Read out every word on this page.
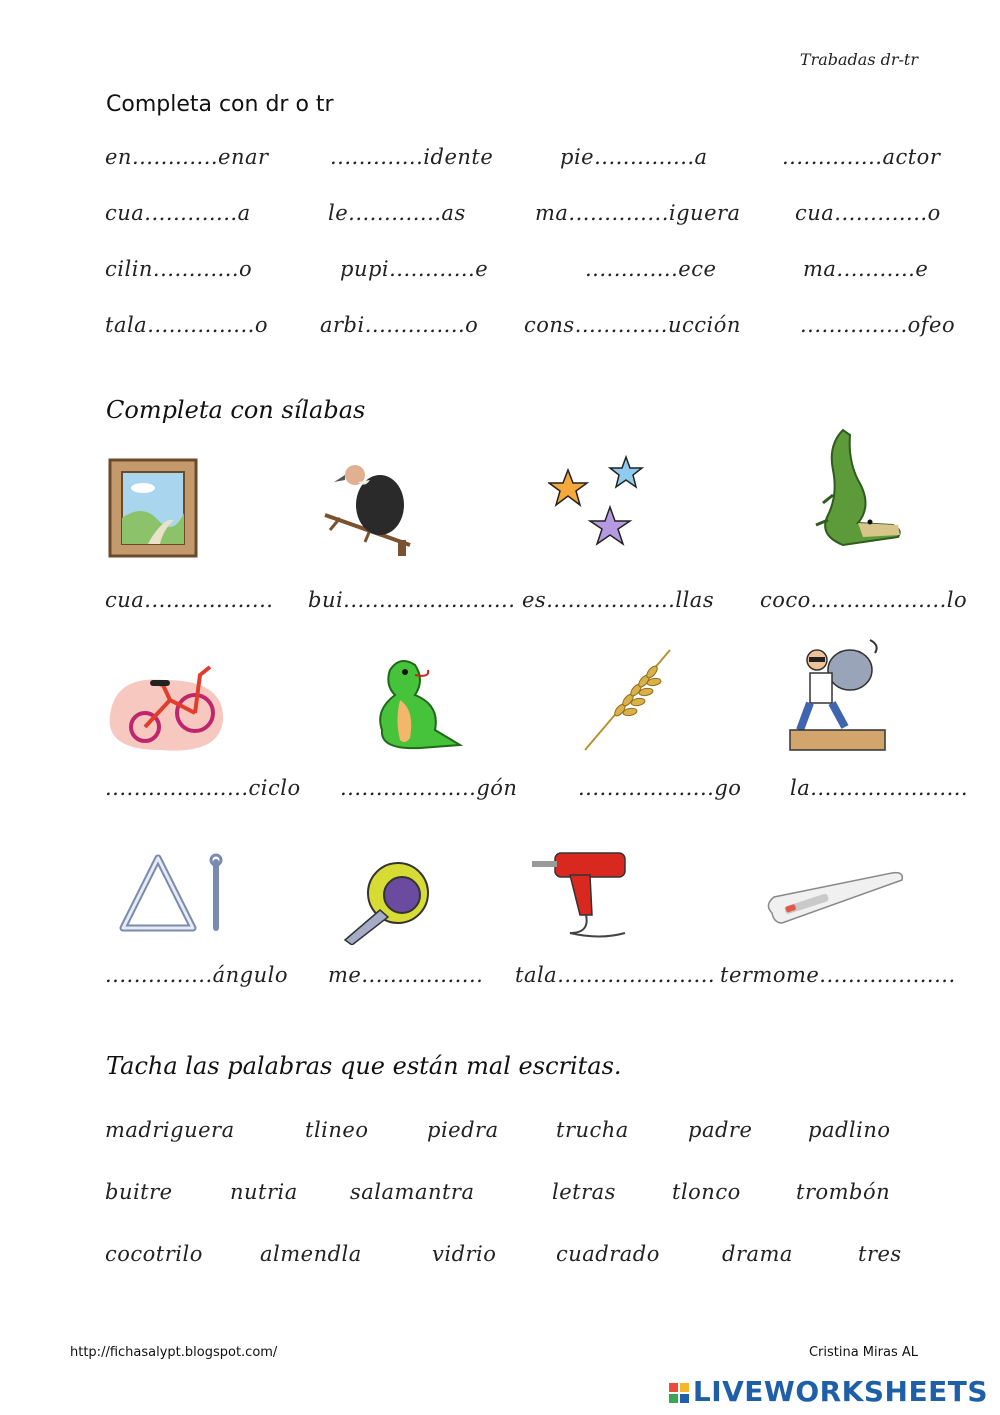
Trabadas dr-tr
Completa con dr o tr
en............enar	.............idente	pie..............a	..............actor
cua.............a	le.............as	ma..............iguera	cua.............o
cilin............o	pupi............e	.............ece	ma...........e
tala...............o arbi..............o cons.............ucción	...............ofeo
Completa con sílabas
cua.................. bui........................ es..................llas coco...................lo
....................ciclo ...................gón	...................go la......................
...............ángulo me................. tala...................... termome...................
Tacha las palabras que están mal escritas.
madriguera	tlineo	piedra	trucha	padre	padlino
buitre	nutria salamantra	letras	tlonco	trombón
cocotrilo	almendla	vidrio	cuadrado	drama	tres
http://fichasalypt.blogspot.com/	Cristina Miras AL
LIVEWORKSHEETS
